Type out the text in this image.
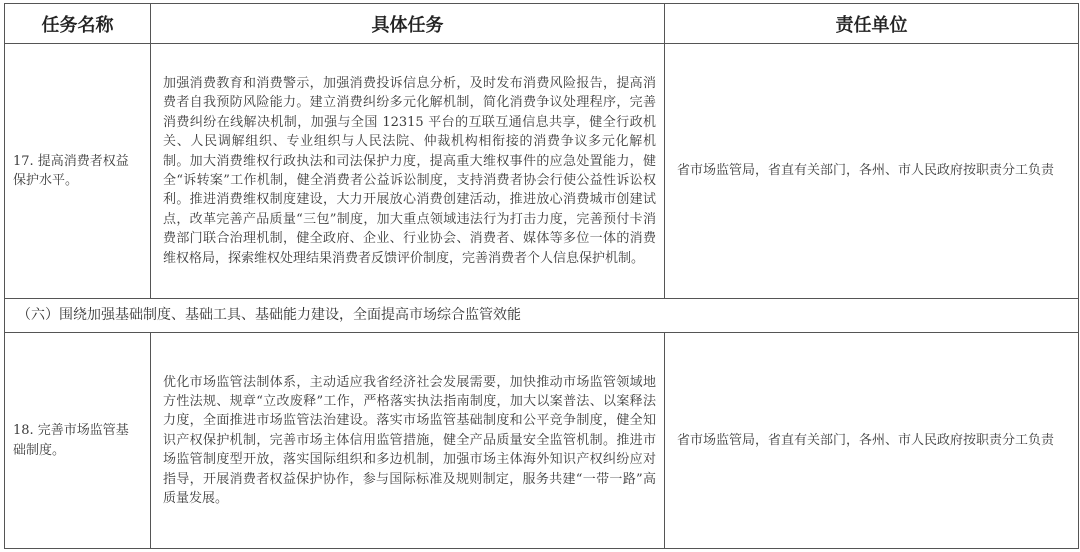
任务名称	具体任务	责任单位
17. 提高消费者权益保护水平。	加强消费教育和消费警示，加强消费投诉信息分析，及时发布消费风险报告，提高消费者自我预防风险能力。建立消费纠纷多元化解机制，简化消费争议处理程序，完善消费纠纷在线解决机制，加强与全国 12315 平台的互联互通信息共享，健全行政机关、人民调解组织、专业组织与人民法院、仲裁机构相衔接的消费争议多元化解机制。加大消费维权行政执法和司法保护力度，提高重大维权事件的应急处置能力，健全“诉转案”工作机制，健全消费者公益诉讼制度，支持消费者协会行使公益性诉讼权利。推进消费维权制度建设，大力开展放心消费创建活动，推进放心消费城市创建试点，改革完善产品质量“三包”制度，加大重点领域违法行为打击力度，完善预付卡消费部门联合治理机制，健全政府、企业、行业协会、消费者、媒体等多位一体的消费维权格局，探索维权处理结果消费者反馈评价制度，完善消费者个人信息保护机制。	省市场监管局，省直有关部门，各州、市人民政府按职责分工负责
（六）围绕加强基础制度、基础工具、基础能力建设，全面提高市场综合监管效能		
18. 完善市场监管基础制度。	优化市场监管法制体系，主动适应我省经济社会发展需要，加快推动市场监管领域地方性法规、规章“立改废释”工作，严格落实执法指南制度，加大以案普法、以案释法力度，全面推进市场监管法治建设。落实市场监管基础制度和公平竞争制度，健全知识产权保护机制，完善市场主体信用监管措施，健全产品质量安全监管机制。推进市场监管制度型开放，落实国际组织和多边机制，加强市场主体海外知识产权纠纷应对指导，开展消费者权益保护协作，参与国际标准及规则制定，服务共建“一带一路”高质量发展。	省市场监管局，省直有关部门，各州、市人民政府按职责分工负责
